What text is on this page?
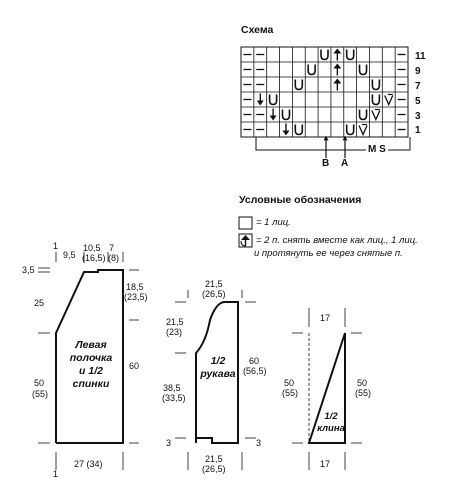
Схема
11
9
7
5
3
1
B A
M S
Условные обозначения
= 1 лиц.
= 2 п. снять вместе как лиц., 1 лиц.
и протянуть ее через снятые п.
1
9,5
10,5
(16,5)
7
(8)
3,5
25
50
(55)
18,5
(23,5)
60
1
27 (34)
Левая
полочка
и 1/2
спинки
21,5
(26,5)
21,5
(23)
38,5
(33,5)
3
60
(56,5)
3
21,5
(26,5)
1/2
рукава
17
50
(55)
50
(55)
17
1/2
клина
